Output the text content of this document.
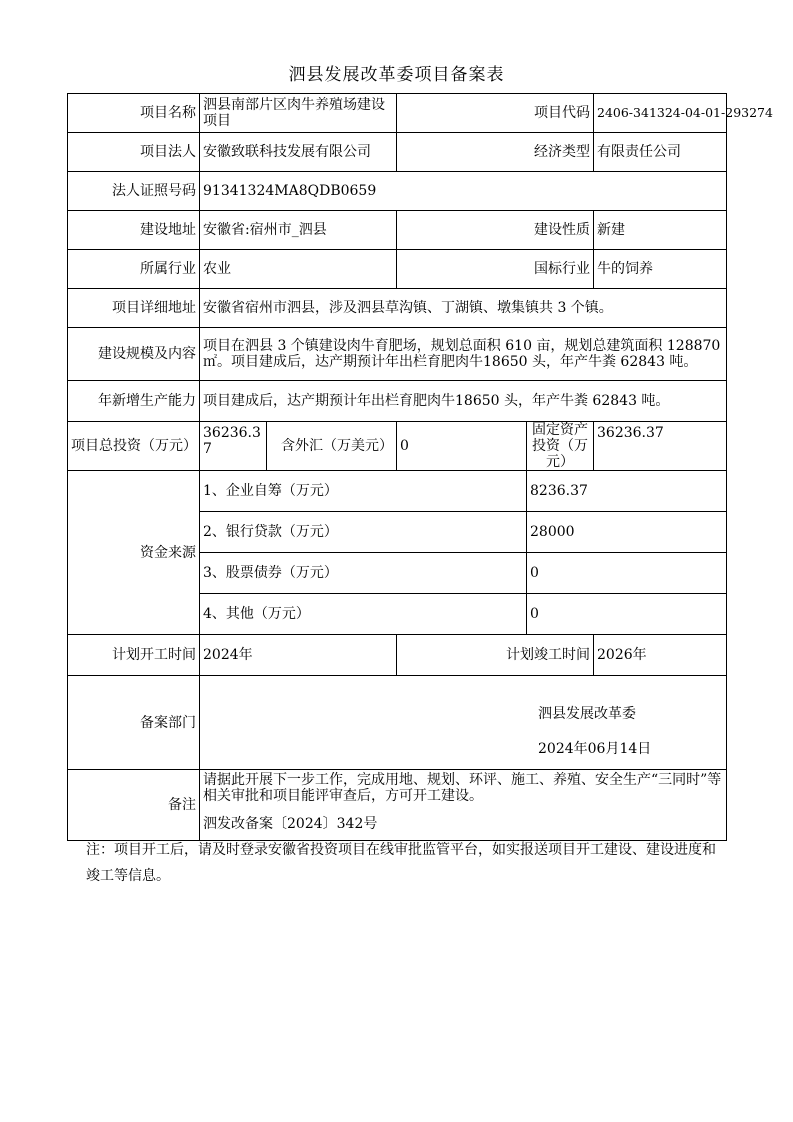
泗县发展改革委项目备案表
项目名称	泗县南部片区肉牛养殖场建设项目		项目代码		2406-341324-04-01-293274
项目法人	安徽致联科技发展有限公司		经济类型		有限责任公司
法人证照号码	91341324MA8QDB0659				
建设地址	安徽省:宿州市_泗县		建设性质		新建
所属行业	农业		国标行业		牛的饲养
项目详细地址	安徽省宿州市泗县，涉及泗县草沟镇、丁湖镇、墩集镇共 3 个镇。				
建设规模及内容	项目在泗县 3 个镇建设肉牛育肥场，规划总面积 610 亩，规划总建筑面积 128870 ㎡。项目建成后，达产期预计年出栏育肥肉牛18650 头，年产牛粪 62843 吨。				
年新增生产能力	项目建成后，达产期预计年出栏育肥肉牛18650 头，年产牛粪 62843 吨。				
项目总投资（万元）	36236.37	含外汇（万美元）	0	固定资产投资（万元）	36236.37
资金来源	1、企业自筹（万元）			8236.37	
	2、银行贷款（万元）			28000	
	3、股票债券（万元）			0	
	4、其他（万元）			0	
计划开工时间	2024年		计划竣工时间		2026年
备案部门	泗县发展改革委
2024年06月14日				

备注	请据此开展下一步工作，完成用地、规划、环评、施工、养殖、安全生产“三同时”等相关审批和项目能评审查后，方可开工建设。
泗发改备案〔2024〕342号				
注：项目开工后，请及时登录安徽省投资项目在线审批监管平台，如实报送项目开工建设、建设进度和竣工等信息。
